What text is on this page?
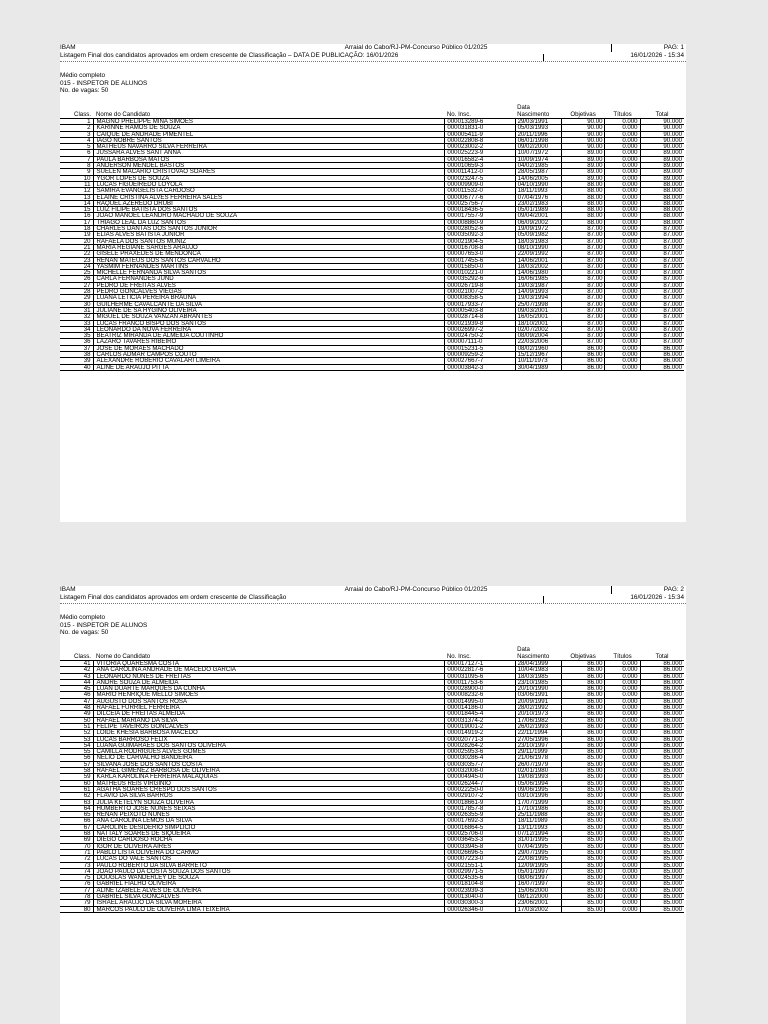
IBAM
Listagem Final dos candidatos aprovados em ordem crescente de Classificação – DATA DE PUBLICAÇÃO: 16/01/2026
Arraial do Cabo/RJ-PM-Concurso Público 01/2025	PAG: 1
16/01/2026 - 15:34
Médio completo
015 - INSPETOR DE ALUNOS
No. de vagas: 50
Class.	Nome do Candidato	No. Insc.	Data Nascimento	Objetivas	Títulos	Total
1	MAGNO PHELIPPE MINA SIMOES	000013289-6	29/03/1991	90.00	0.000	90.000
2	KARINNE RAMOS DE SOUZA	000031831-0	05/03/1993	90.00	0.000	90.000
3	CAIQUE DE ANDRADE PIMENTEL	000005411-9	20/11/1996	90.00	0.000	90.000
4	IAGO NOBRE SANTOS	000022808-8	06/01/1998	90.00	0.000	90.000
5	MATHEUS NAVARRO SILVA FERREIRA	000023002-2	09/02/2000	90.00	0.000	90.000
6	JUSSARA ALVES SANT ANNA	000025223-9	10/07/1972	89.00	0.000	89.000
7	PAULA BARBOSA MATOS	000016582-4	10/09/1974	89.00	0.000	89.000
8	ANDERSON MENDEL BASTOS	000010659-3	04/02/1985	89.00	0.000	89.000
9	SUELEN MACARIO CRISTOVAO SOARES	000011412-0	28/05/1987	89.00	0.000	89.000
10	YGOR LOPES DE SOUZA	000023247-5	14/06/2005	89.00	0.000	89.000
11	LUCAS FIGUEIREDO LOYOLA	000009909-0	04/10/1990	88.00	0.000	88.000
12	SAMIRA EVANGELISTA CARDOSO	000011532-0	18/11/1993	88.00	0.000	88.000
13	ELAINE CRISTINA ALVES FERREIRA SALES	000006777-6	07/04/1976	88.00	0.000	88.000
14	RAQUEL AZEREDO DRUBI	000025756-7	23/02/1983	88.00	0.000	88.000
15	LUIZ FILIPE BATISTA DOS SANTOS	000018436-5	05/01/1989	88.00	0.000	88.000
16	JOAO MANOEL LEANDRO MACHADO DE SOUZA	000017557-9	09/04/2001	88.00	0.000	88.000
17	THIAGO LEAL DA LUZ SANTOS	000008860-9	06/09/2002	88.00	0.000	88.000
18	CHARLES DANTAS DOS SANTOS JUNIOR	000028052-6	19/09/1972	87.00	0.000	87.000
19	ELIAS ALVES BATISTA JUNIOR	000035092-3	05/09/1982	87.00	0.000	87.000
20	RAFAELA DOS SANTOS MUNIZ	000021904-5	18/03/1983	87.00	0.000	87.000
21	MARIA REGIANE SARGES ARAUJO	000016708-8	08/10/1990	87.00	0.000	87.000
22	GISELE PRAXEDES DE MENDONCA	000007653-0	22/09/1992	87.00	0.000	87.000
23	RENAN MATEUS DOS SANTOS CARVALHO	000017455-6	14/06/2001	87.00	0.000	87.000
24	YASMIM FERNANDES MARTINS	000015850-0	18/03/2002	87.00	0.000	87.000
25	MICHELLE FERNANDA SILVA SANTOS	000010221-0	14/06/1980	87.00	0.000	87.000
26	CARLA FERNANDES JUND	000035292-6	16/06/1985	87.00	0.000	87.000
27	PEDRO DE FREITAS ALVES	000026719-8	19/03/1987	87.00	0.000	87.000
28	PEDRO GONCALVES VIEGAS	000021007-2	14/09/1993	87.00	0.000	87.000
29	LUANA LETICIA PEREIRA BRAUNA	000008358-5	19/03/1994	87.00	0.000	87.000
30	GUILHERME CAVALCANTE DA SILVA	000017933-7	25/07/1998	87.00	0.000	87.000
31	JULIANE DE SA HYGINO OLIVEIRA	000005403-8	09/03/2001	87.00	0.000	87.000
32	MIGUEL DE SOUZA VANZAN ABRANTES	000028714-8	16/05/2001	87.00	0.000	87.000
33	LUCAS FRANCO BISPO DOS SANTOS	000021939-8	18/10/2001	87.00	0.000	87.000
34	LEONARDO DA NOVA FERREIRA	000026997-2	02/07/2002	87.00	0.000	87.000
35	BEATRIZ MIRANDA DE ALMEIDA COUTINHO	000024750-2	08/09/2004	87.00	0.000	87.000
36	LAZARO TAVARES RIBEIRO	000007111-0	22/03/2006	87.00	0.000	87.000
37	JOSE DE MORAES MACHADO	000015231-5	08/02/1960	86.00	0.000	86.000
38	CARLOS ADMAR CAMPOS COUTO	000009259-2	15/12/1967	86.00	0.000	86.000
39	ALEXANDRE ROBERIO CAVALARI LIMEIRA	000027667-7	10/11/1973	86.00	0.000	86.000
40	ALINE DE ARAUJO PITTA	000003842-3	30/04/1989	86.00	0.000	86.000
IBAM
Listagem Final dos candidatos aprovados em ordem crescente de Classificação
Arraial do Cabo/RJ-PM-Concurso Público 01/2025	PAG: 2
16/01/2026 - 15:34
Médio completo
015 - INSPETOR DE ALUNOS
No. de vagas: 50
Class.	Nome do Candidato	No. Insc.	Data Nascimento	Objetivas	Títulos	Total
41	VITORIA QUARESMA COSTA	000017127-1	28/04/1999	86.00	0.000	86.000
42	ANA CAROLINA ANDRADE DE MACEDO GARCIA	000022817-6	10/04/1983	86.00	0.000	86.000
43	LEONARDO NUNES DE FREITAS	000031095-6	18/03/1985	86.00	0.000	86.000
44	ANDRE SOUZA DE ALMEIDA	000011753-6	23/10/1985	86.00	0.000	86.000
45	LUAN DUARTE MARQUES DA CUNHA	000028900-0	20/10/1990	86.00	0.000	86.000
46	MARIO HENRIQUE MELLO SIMOES	000008232-6	03/06/1991	86.00	0.000	86.000
47	AUGUSTO DOS SANTOS ROSA	000014995-0	20/09/1991	86.00	0.000	86.000
48	RAFAEL FURRIEL FERREIRA	000014186-0	28/02/1992	86.00	0.000	86.000
49	DILCEIA DE FREITAS ALMEIDA	000018445-4	20/10/1973	86.00	0.000	86.000
50	RAFAEL MARIANO DA SILVA	000031374-2	17/06/1982	86.00	0.000	86.000
51	FELIPE TAVEIROS GONCALVES	000019001-2	26/02/1993	86.00	0.000	86.000
52	LOIDE KHESIA BARBOSA MACEDO	000014919-2	22/11/1994	86.00	0.000	86.000
53	LUCAS BARROSO FELIX	000020771-3	27/05/1996	86.00	0.000	86.000
54	LUANA GUIMARAES DOS SANTOS OLIVEIRA	000028264-2	23/10/1997	86.00	0.000	86.000
55	CAMILLA RODRIGUES ALVES GOMES	000025953-6	29/11/1999	86.00	0.000	86.000
56	NELIO DE CARVALHO BANDEIRA	000030286-4	21/06/1978	85.00	0.000	85.000
57	SILVANA JOSE DOS SANTOS COSTA	000030357-7	26/07/1979	85.00	0.000	85.000
58	RAFAEL GIMENEZ BARBOSA DE OLIVEIRA	000032008-0	02/01/1980	85.00	0.000	85.000
59	KARLA KAROLINA FERREIRA MALAQUIAS	000004945-0	19/08/1993	85.00	0.000	85.000
60	MATHEUS REIS VIRGINIO	000026244-7	05/06/1994	85.00	0.000	85.000
61	AGATHA SOARES CRESPO DOS SANTOS	000022250-0	09/06/1995	85.00	0.000	85.000
62	FLAVIO DA SILVA BARROS	000029107-2	03/10/1996	85.00	0.000	85.000
63	JULIA KETELYN SOUZA OLIVEIRA	000018661-9	17/07/1999	85.00	0.000	85.000
64	HUMBERTO JOSE NUNES SEIXAS	000017857-8	17/10/1986	85.00	0.000	85.000
65	RENAN PEIXOTO NUNES	000026355-9	25/11/1988	85.00	0.000	85.000
66	ANA CAROLINA LEMOS DA SILVA	000017692-3	18/11/1989	85.00	0.000	85.000
67	CAROLINE DESIDERIO SIMPLICIO	000016864-5	13/11/1993	85.00	0.000	85.000
68	NATTALY SOARES DE SIQUEIRA	000025706-0	07/12/1994	85.00	0.000	85.000
69	DIEGO CARDOSO ROCHA	000036453-3	31/01/1995	85.00	0.000	85.000
70	IGOR DE OLIVEIRA AIRES	000033945-8	07/04/1995	85.00	0.000	85.000
71	PABLO LISTA OLIVEIRA DO CARMO	000026696-5	29/07/1995	85.00	0.000	85.000
72	LUCAS DO VALE SANTOS	000007223-0	22/08/1995	85.00	0.000	85.000
73	PAULO ROBERTO DA SILVA BARRETO	000021551-1	12/09/1995	85.00	0.000	85.000
74	JOAO PAULO DA COSTA SOUZA DOS SANTOS	000029971-5	05/01/1997	85.00	0.000	85.000
75	DOUGLAS WANDERLEY DE SOUZA	000024535-6	08/06/1997	85.00	0.000	85.000
76	GABRIEL FIALHO OLIVEIRA	000018104-8	16/07/1997	85.00	0.000	85.000
77	ALINE IZABELE ALVES DE OLIVEIRA	000023939-3	15/06/2000	85.00	0.000	85.000
78	GABRIEL SILVA GONCALVES	000013040-0	08/12/2000	85.00	0.000	85.000
79	ISRAEL ARAUJO DA SILVA MOREIRA	000030300-3	23/06/2001	85.00	0.000	85.000
80	MARCOS PAULO DE OLIVEIRA LIMA TEIXEIRA	000026346-0	17/03/2002	85.00	0.000	85.000
